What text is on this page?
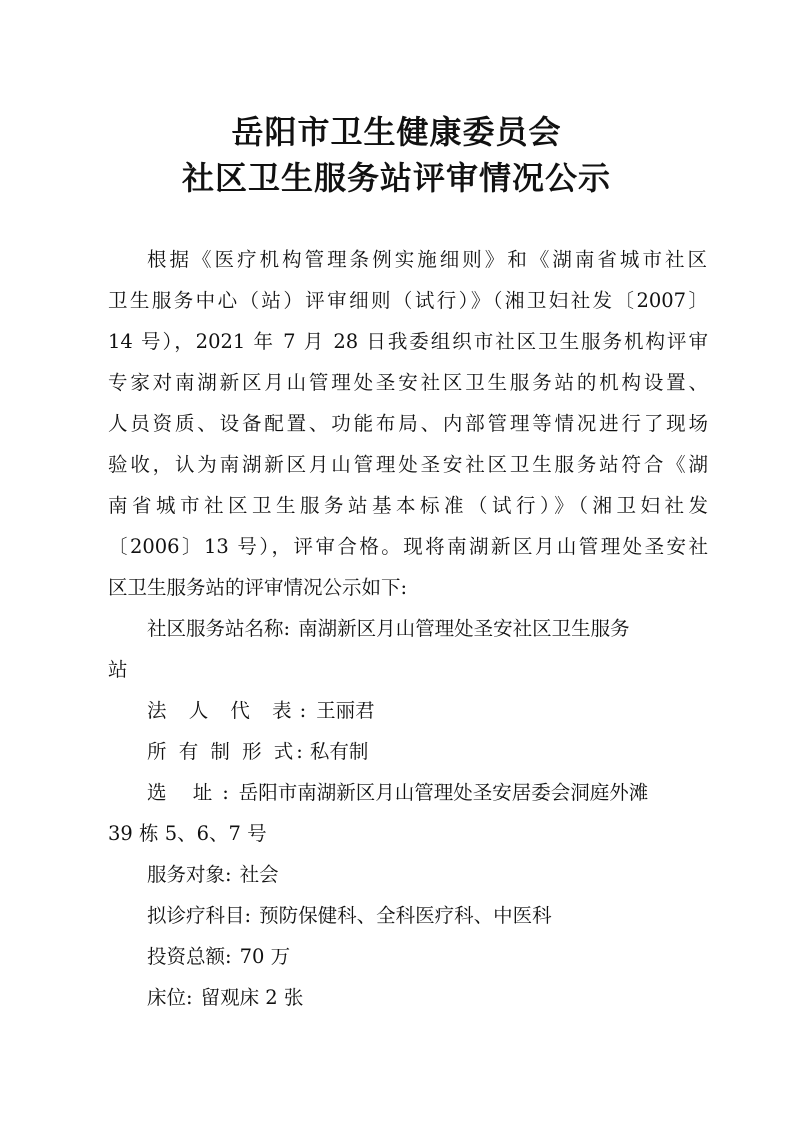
岳阳市卫生健康委员会
社区卫生服务站评审情况公示
根据《医疗机构管理条例实施细则》和《湖南省城市社区
卫生服务中心（站）评审细则（试行）》（湘卫妇社发〔2007〕
14 号），2021 年 7 月 28 日我委组织市社区卫生服务机构评审
专家对南湖新区月山管理处圣安社区卫生服务站的机构设置、
人员资质、设备配置、功能布局、内部管理等情况进行了现场
验收，认为南湖新区月山管理处圣安社区卫生服务站符合《湖
南省城市社区卫生服务站基本标准（试行）》（湘卫妇社发
〔2006〕13 号），评审合格。现将南湖新区月山管理处圣安社
区卫生服务站的评审情况公示如下:
社区服务站名称: 南湖新区月山管理处圣安社区卫生服务
站
法 人 代 表: 王丽君
所 有 制 形 式: 私有制
选 址:岳阳市南湖新区月山管理处圣安居委会洞庭外滩
39 栋 5、6、7 号
服务对象: 社会
拟诊疗科目: 预防保健科、全科医疗科、中医科
投资总额: 70 万
床位: 留观床 2 张
